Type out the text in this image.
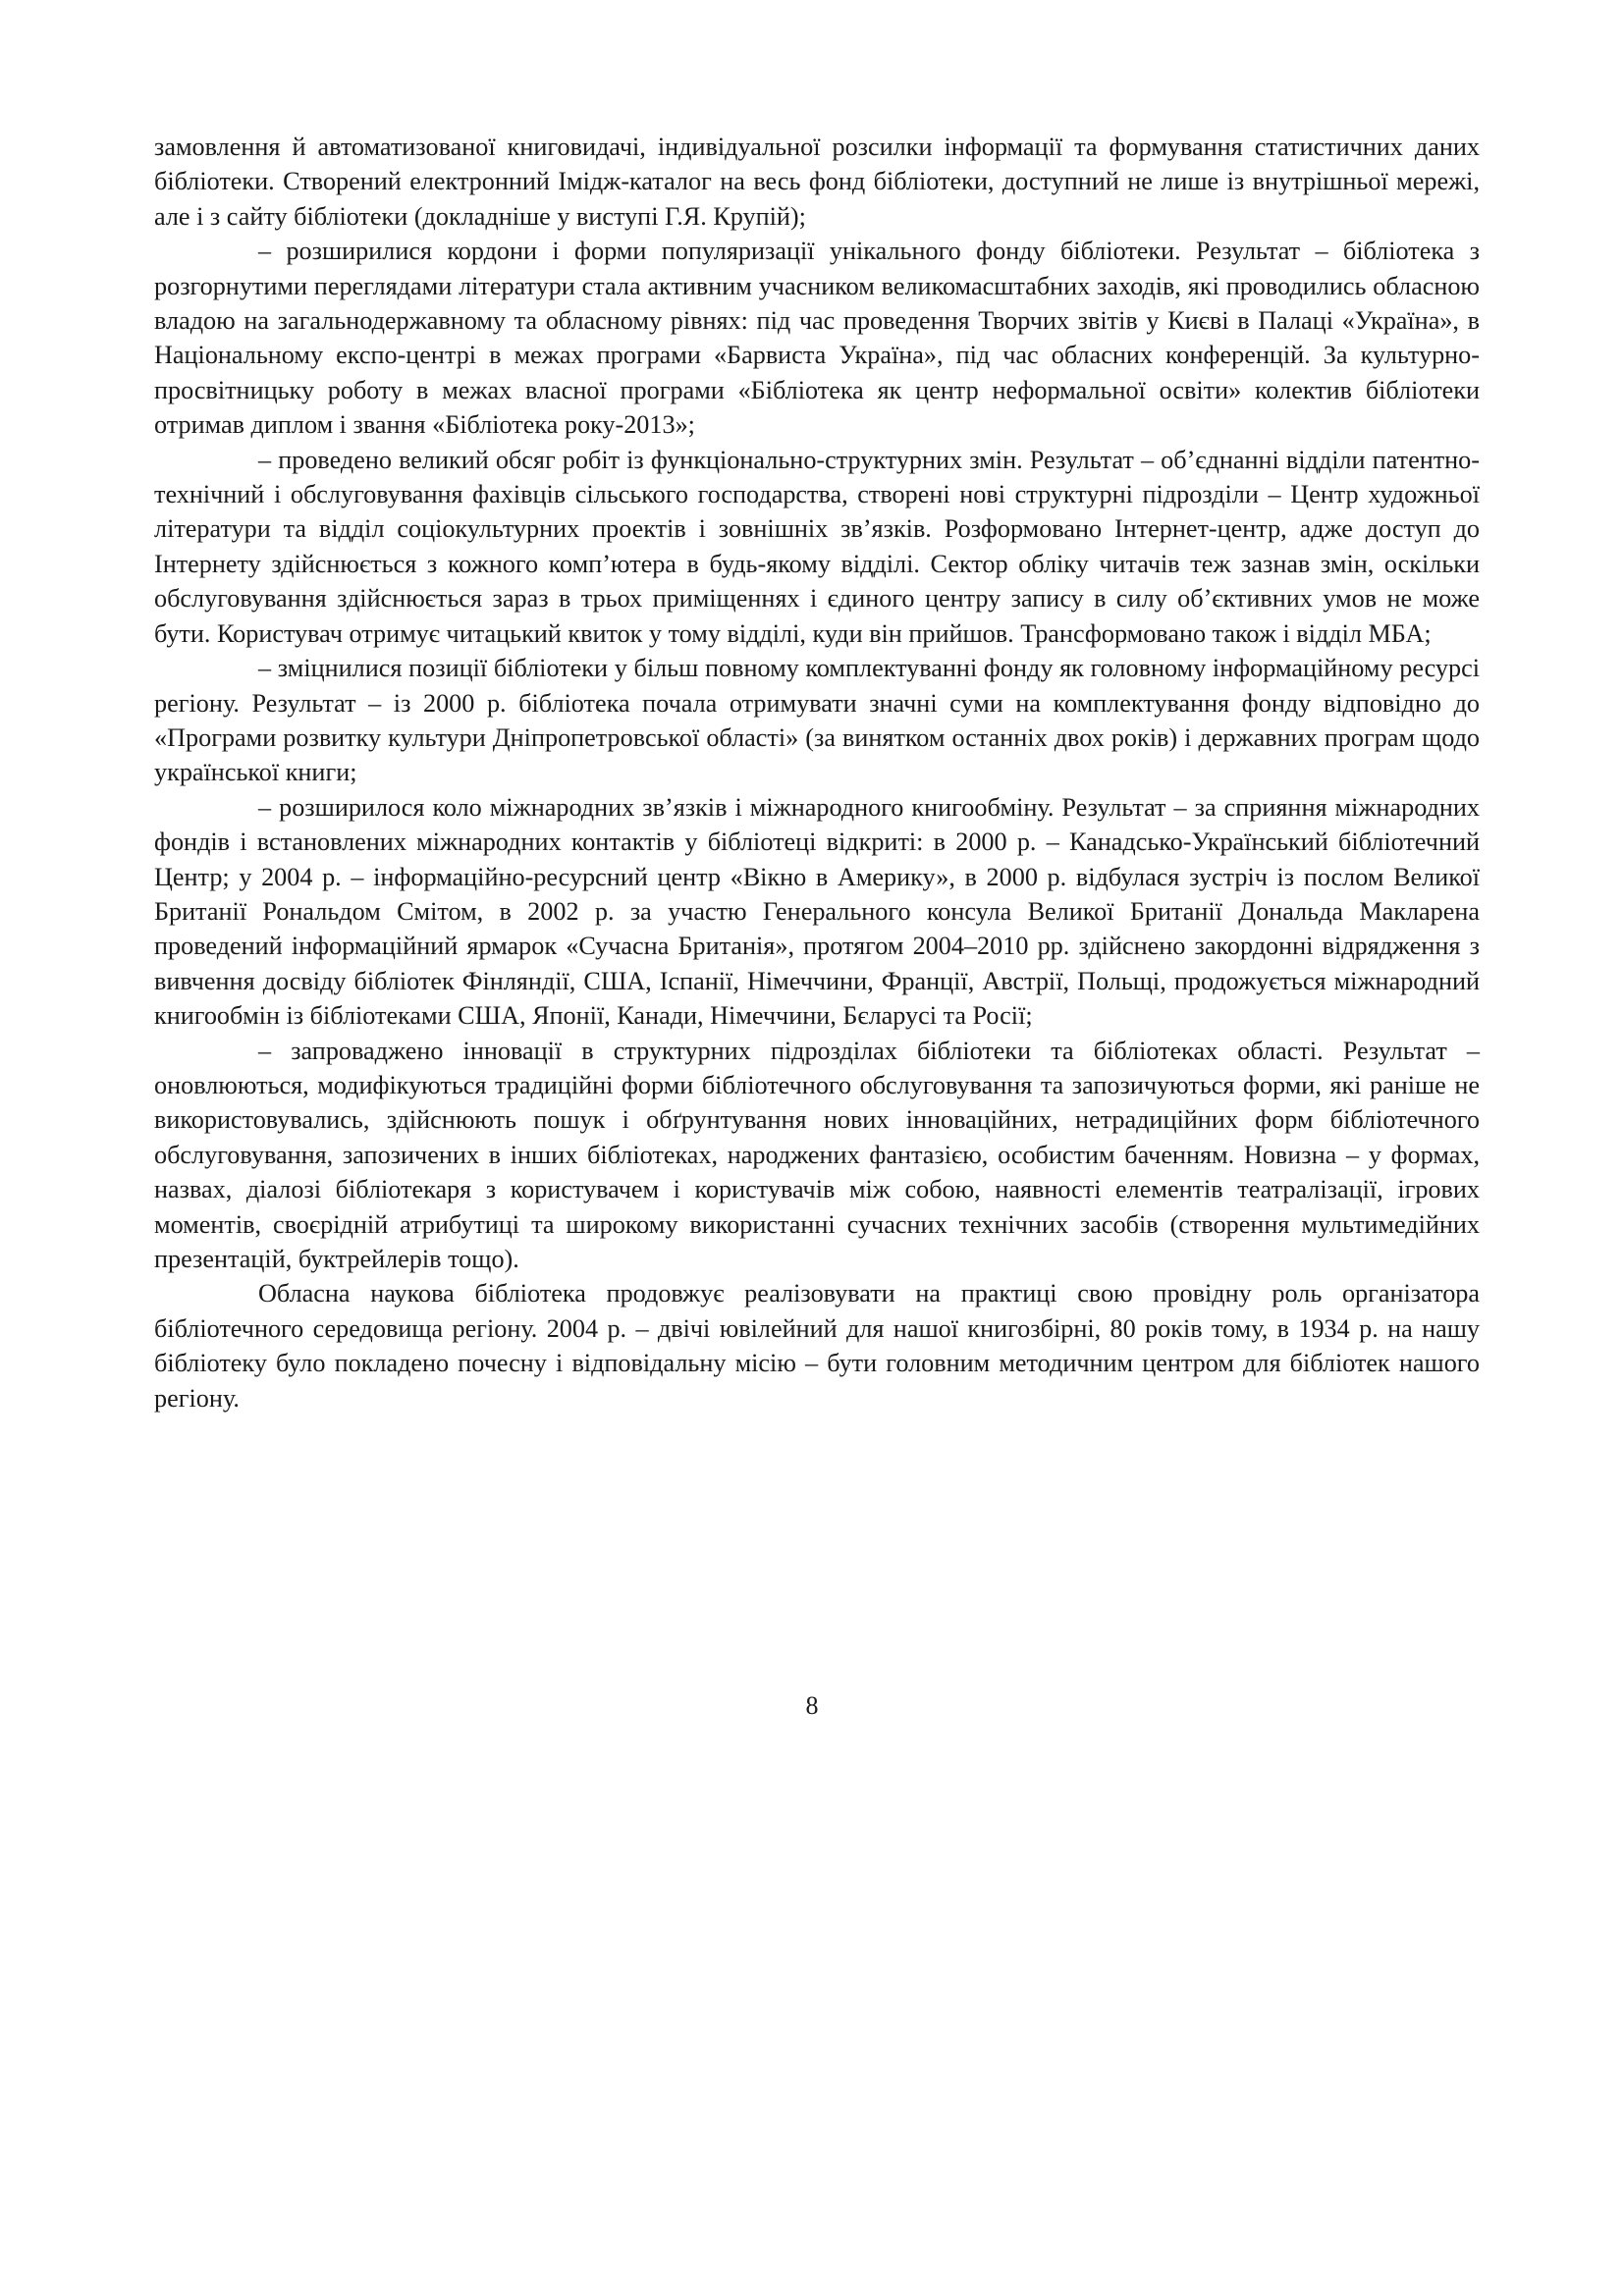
замовлення й автоматизованої книговидачі, індивідуальної розсилки інформації та формування статистичних даних бібліотеки. Створений електронний Імідж-каталог на весь фонд бібліотеки, доступний не лише із внутрішньої мережі, але і з сайту бібліотеки (докладніше у виступі Г.Я. Крупій);

– розширилися кордони і форми популяризації унікального фонду бібліотеки. Результат – бібліотека з розгорнутими переглядами літератури стала активним учасником великомасштабних заходів, які проводились обласною владою на загальнодержавному та обласному рівнях: під час проведення Творчих звітів у Києві в Палаці «Україна», в Національному експо-центрі в межах програми «Барвиста Україна», під час обласних конференцій. За культурно-просвітницьку роботу в межах власної програми «Бібліотека як центр неформальної освіти» колектив бібліотеки отримав диплом і звання «Бібліотека року-2013»;

– проведено великий обсяг робіт із функціонально-структурних змін. Результат – об’єднанні відділи патентно-технічний і обслуговування фахівців сільського господарства, створені нові структурні підрозділи – Центр художньої літератури та відділ соціокультурних проектів і зовнішніх зв’язків. Розформовано Інтернет-центр, адже доступ до Інтернету здійснюється з кожного комп’ютера в будь-якому відділі. Сектор обліку читачів теж зазнав змін, оскільки обслуговування здійснюється зараз в трьох приміщеннях і єдиного центру запису в силу об’єктивних умов не може бути. Користувач отримує читацький квиток у тому відділі, куди він прийшов. Трансформовано також і відділ МБА;

– зміцнилися позиції бібліотеки у більш повному комплектуванні фонду як головному інформаційному ресурсі регіону. Результат – із 2000 р. бібліотека почала отримувати значні суми на комплектування фонду відповідно до «Програми розвитку культури Дніпропетровської області» (за винятком останніх двох років) і державних програм щодо української книги;

– розширилося коло міжнародних зв’язків і міжнародного книгообміну. Результат – за сприяння міжнародних фондів і встановлених міжнародних контактів у бібліотеці відкриті: в 2000 р. – Канадсько-Український бібліотечний Центр; у 2004 р. – інформаційно-ресурсний центр «Вікно в Америку», в 2000 р. відбулася зустріч із послом Великої Британії Рональдом Смітом, в 2002 р. за участю Генерального консула Великої Британії Дональда Макларена проведений інформаційний ярмарок «Сучасна Британія», протягом 2004–2010 рр. здійснено закордонні відрядження з вивчення досвіду бібліотек Фінляндії, США, Іспанії, Німеччини, Франції, Австрії, Польщі, продожується міжнародний книгообмін із бібліотеками США, Японії, Канади, Німеччини, Бєларусі та Росії;

– запроваджено інновації в структурних підрозділах бібліотеки та бібліотеках області. Результат – оновлюються, модифікуються традиційні форми бібліотечного обслуговування та запозичуються форми, які раніше не використовувались, здійснюють пошук і обґрунтування нових інноваційних, нетрадиційних форм бібліотечного обслуговування, запозичених в інших бібліотеках, народжених фантазією, особистим баченням. Новизна – у формах, назвах, діалозі бібліотекаря з користувачем і користувачів між собою, наявності елементів театралізації, ігрових моментів, своєрідній атрибутиці та широкому використанні сучасних технічних засобів (створення мультимедійних презентацій, буктрейлерів тощо).

Обласна наукова бібліотека продовжує реалізовувати на практиці свою провідну роль організатора бібліотечного середовища регіону. 2004 р. – двічі ювілейний для нашої книгозбірні, 80 років тому, в 1934 р. на нашу бібліотеку було покладено почесну і відповідальну місію – бути головним методичним центром для бібліотек нашого регіону.

8
